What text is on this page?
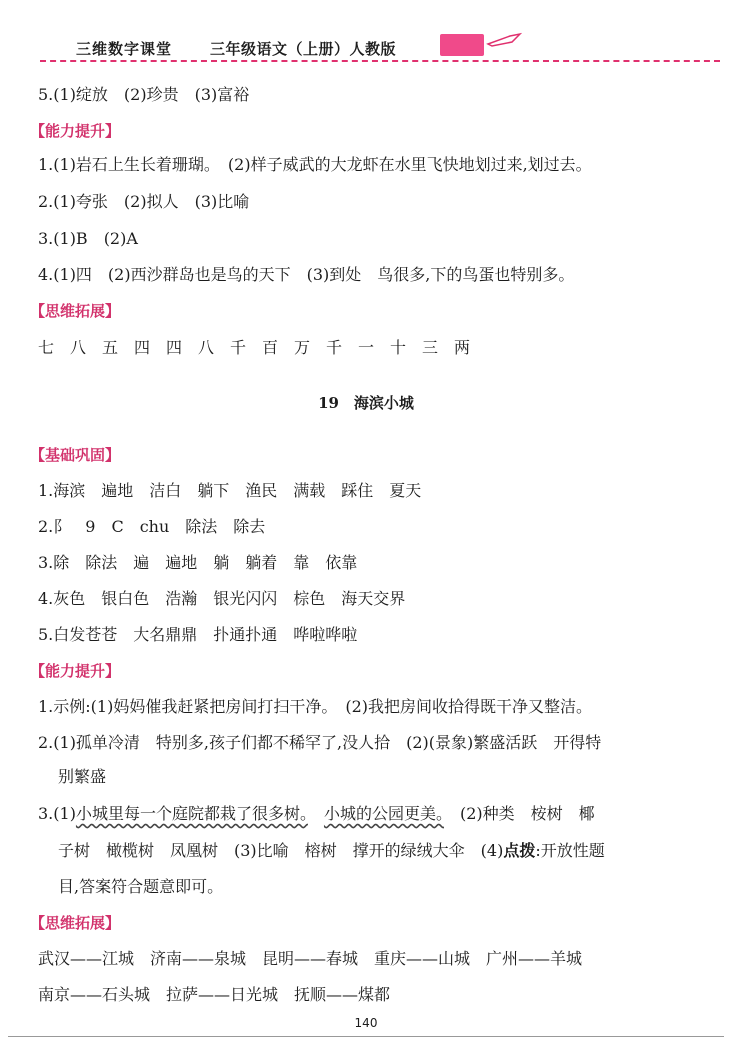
三维数字课堂	三年级语文（上册）人教版
5.(1)绽放　(2)珍贵　(3)富裕
【能力提升】
1.(1)岩石上生长着珊瑚。　(2)样子威武的大龙虾在水里飞快地划过来,划过去。
2.(1)夸张　(2)拟人　(3)比喻
3.(1)B　(2)A
4.(1)四　(2)西沙群岛也是鸟的天下　(3)到处　鸟很多,下的鸟蛋也特别多。
【思维拓展】
七　八　五　四　四　八　千　百　万　千　一　十　三　两
19　海滨小城
【基础巩固】
1.海滨　遍地　洁白　躺下　渔民　满载　踩住　夏天
2.阝　9　C　chu　除法　除去
3.除　除法　遍　遍地　躺　躺着　靠　依靠
4.灰色　银白色　浩瀚　银光闪闪　棕色　海天交界
5.白发苍苍　大名鼎鼎　扑通扑通　哗啦哗啦
【能力提升】
1.示例:(1)妈妈催我赶紧把房间打扫干净。　(2)我把房间收拾得既干净又整洁。
2.(1)孤单冷清　特别多,孩子们都不稀罕了,没人拾　(2)(景象)繁盛活跃　开得特
别繁盛
3.(1)小城里每一个庭院都栽了很多树。　 小城的公园更美。　(2)种类　桉树　椰
子树　橄榄树　凤凰树　(3)比喻　榕树　撑开的绿绒大伞　(4)点拨:开放性题
目,答案符合题意即可。
【思维拓展】
武汉——江城　济南——泉城　昆明——春城　重庆——山城　广州——羊城
南京——石头城　拉萨——日光城　抚顺——煤都
140
